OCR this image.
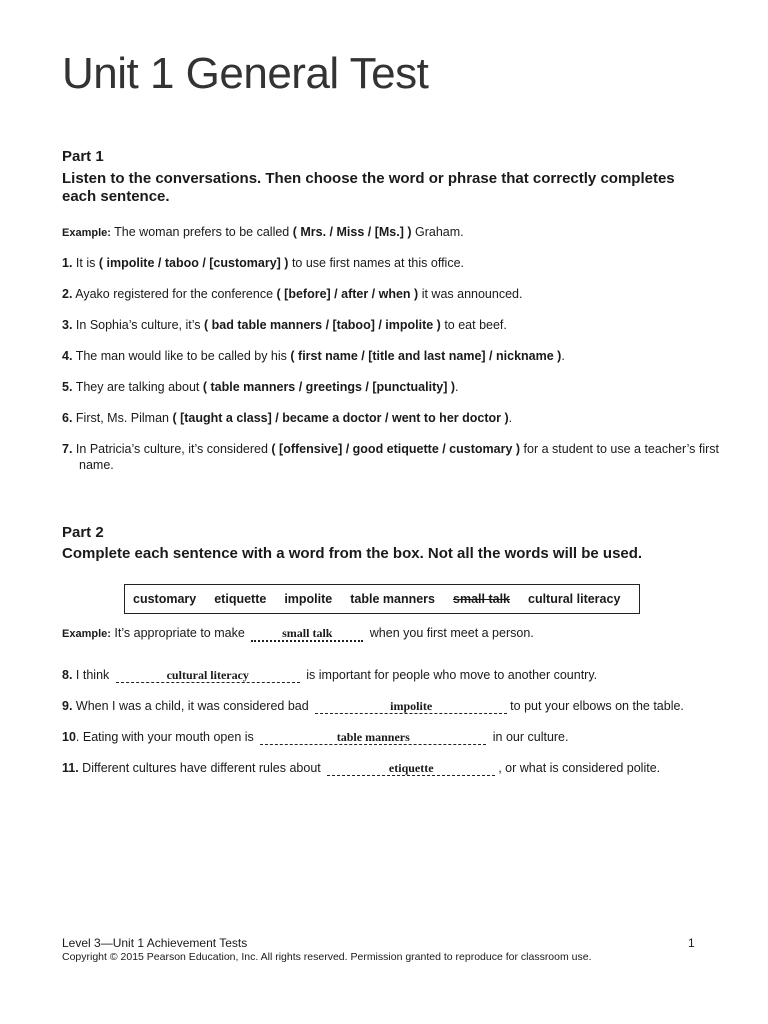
Unit 1 General Test
Part 1
Listen to the conversations. Then choose the word or phrase that correctly completes each sentence.
Example: The woman prefers to be called ( Mrs. / Miss / [Ms.] ) Graham.
1. It is ( impolite / taboo / [customary] ) to use first names at this office.
2. Ayako registered for the conference ( [before] / after / when ) it was announced.
3. In Sophia’s culture, it’s ( bad table manners / [taboo] / impolite ) to eat beef.
4. The man would like to be called by his ( first name / [title and last name] / nickname ).
5. They are talking about ( table manners / greetings / [punctuality] ).
6. First, Ms. Pilman ( [taught a class] / became a doctor / went to her doctor ).
7. In Patricia’s culture, it’s considered ( [offensive] / good etiquette / customary ) for a student to use a teacher’s first name.
Part 2
Complete each sentence with a word from the box. Not all the words will be used.
customary etiquette impolite table manners small talk cultural literacy
Example: It’s appropriate to make	small talk	when you first meet a person.
8. I think	cultural literacy	is important for people who move to another country.
9. When I was a child, it was considered bad	impolite	to put your elbows on the table.
10. Eating with your mouth open is	table manners	in our culture.
11. Different cultures have different rules about	etiquette	, or what is considered polite.
Level 3—Unit 1 Achievement Tests	1
Copyright © 2015 Pearson Education, Inc. All rights reserved. Permission granted to reproduce for classroom use.
